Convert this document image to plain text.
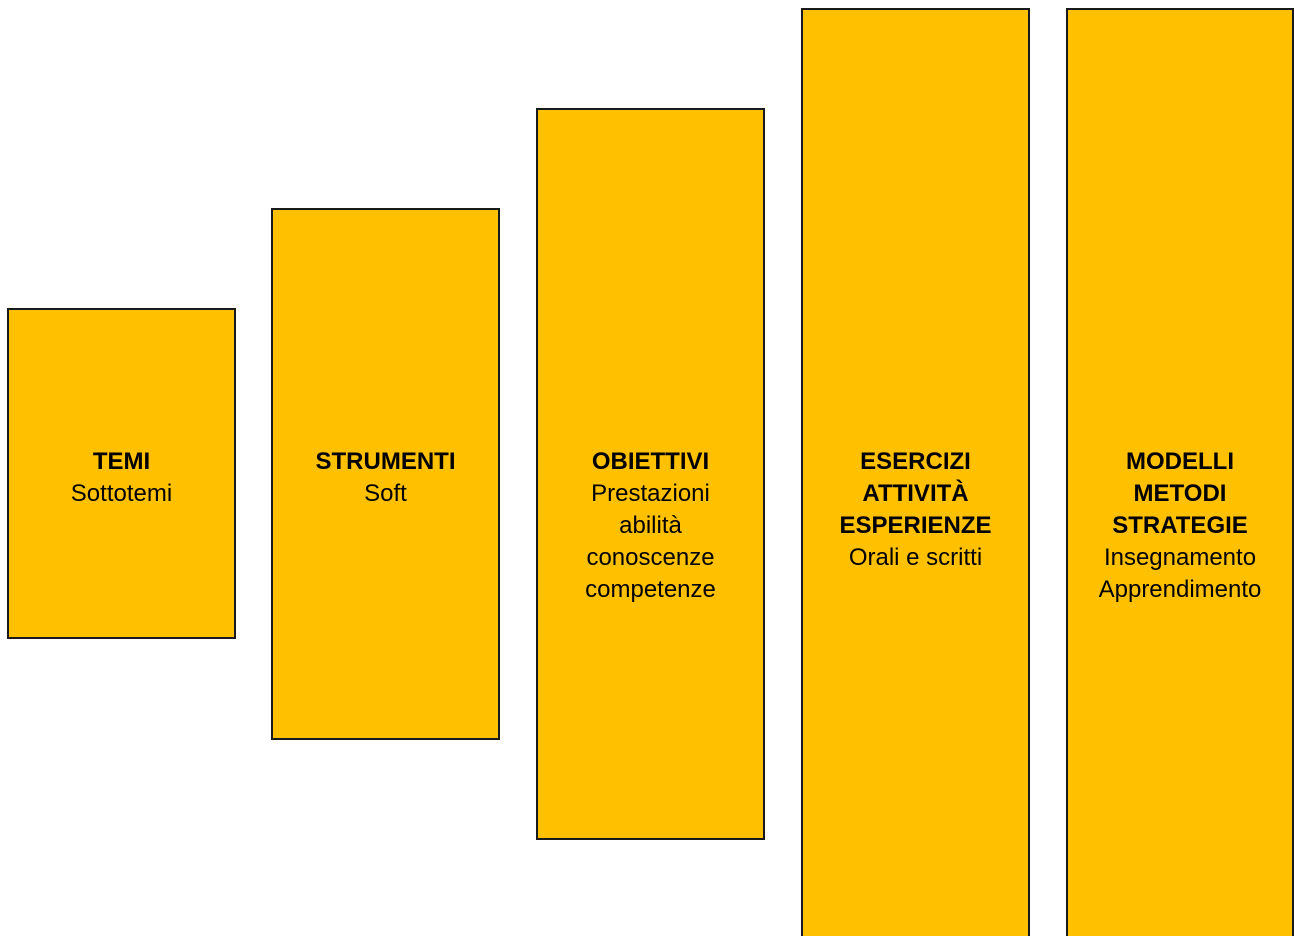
TEMI
Sottotemi
STRUMENTI
Soft
OBIETTIVI
Prestazioni
abilità
conoscenze
competenze
ESERCIZI
ATTIVITÀ
ESPERIENZE
Orali e scritti
MODELLI
METODI
STRATEGIE
Insegnamento
Apprendimento
